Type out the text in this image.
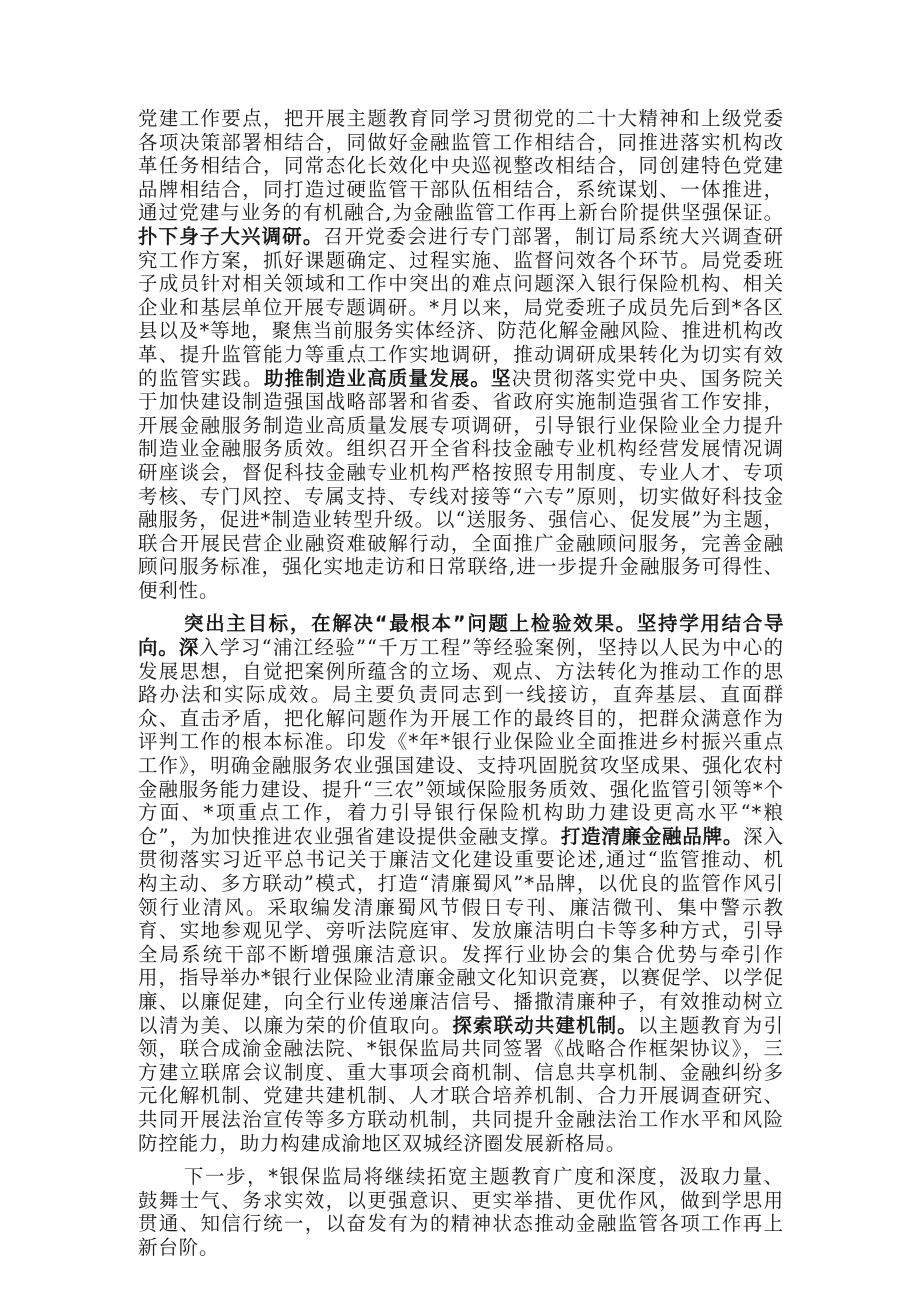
党建工作要点，把开展主题教育同学习贯彻党的二十大精神和上级党委各项决策部署相结合，同做好金融监管工作相结合，同推进落实机构改革任务相结合，同常态化长效化中央巡视整改相结合，同创建特色党建品牌相结合，同打造过硬监管干部队伍相结合，系统谋划、一体推进，通过党建与业务的有机融合,为金融监管工作再上新台阶提供坚强保证。扑下身子大兴调研。召开党委会进行专门部署，制订局系统大兴调查研究工作方案，抓好课题确定、过程实施、监督问效各个环节。局党委班子成员针对相关领域和工作中突出的难点问题深入银行保险机构、相关企业和基层单位开展专题调研。*月以来，局党委班子成员先后到*各区县以及*等地，聚焦当前服务实体经济、防范化解金融风险、推进机构改革、提升监管能力等重点工作实地调研，推动调研成果转化为切实有效的监管实践。助推制造业高质量发展。坚决贯彻落实党中央、国务院关于加快建设制造强国战略部署和省委、省政府实施制造强省工作安排，开展金融服务制造业高质量发展专项调研，引导银行业保险业全力提升制造业金融服务质效。组织召开全省科技金融专业机构经营发展情况调研座谈会，督促科技金融专业机构严格按照专用制度、专业人才、专项考核、专门风控、专属支持、专线对接等“六专”原则，切实做好科技金融服务，促进*制造业转型升级。以“送服务、强信心、促发展”为主题，联合开展民营企业融资难破解行动，全面推广金融顾问服务，完善金融顾问服务标准，强化实地走访和日常联络,进一步提升金融服务可得性、便利性。

突出主目标，在解决“最根本”问题上检验效果。坚持学用结合导向。深入学习“浦江经验”“千万工程”等经验案例，坚持以人民为中心的发展思想，自觉把案例所蕴含的立场、观点、方法转化为推动工作的思路办法和实际成效。局主要负责同志到一线接访，直奔基层、直面群众、直击矛盾，把化解问题作为开展工作的最终目的，把群众满意作为评判工作的根本标准。印发《*年*银行业保险业全面推进乡村振兴重点工作》，明确金融服务农业强国建设、支持巩固脱贫攻坚成果、强化农村金融服务能力建设、提升“三农”领域保险服务质效、强化监管引领等*个方面、*项重点工作，着力引导银行保险机构助力建设更高水平“*粮仓”，为加快推进农业强省建设提供金融支撑。打造清廉金融品牌。深入贯彻落实习近平总书记关于廉洁文化建设重要论述,通过“监管推动、机构主动、多方联动”模式，打造“清廉蜀风”*品牌，以优良的监管作风引领行业清风。采取编发清廉蜀风节假日专刊、廉洁微刊、集中警示教育、实地参观见学、旁听法院庭审、发放廉洁明白卡等多种方式，引导全局系统干部不断增强廉洁意识。发挥行业协会的集合优势与牵引作用，指导举办*银行业保险业清廉金融文化知识竞赛，以赛促学、以学促廉、以廉促建，向全行业传递廉洁信号、播撒清廉种子，有效推动树立以清为美、以廉为荣的价值取向。探索联动共建机制。以主题教育为引领，联合成渝金融法院、*银保监局共同签署《战略合作框架协议》，三方建立联席会议制度、重大事项会商机制、信息共享机制、金融纠纷多元化解机制、党建共建机制、人才联合培养机制、合力开展调查研究、共同开展法治宣传等多方联动机制，共同提升金融法治工作水平和风险防控能力，助力构建成渝地区双城经济圈发展新格局。

下一步，*银保监局将继续拓宽主题教育广度和深度，汲取力量、鼓舞士气、务求实效，以更强意识、更实举措、更优作风，做到学思用贯通、知信行统一，以奋发有为的精神状态推动金融监管各项工作再上新台阶。
